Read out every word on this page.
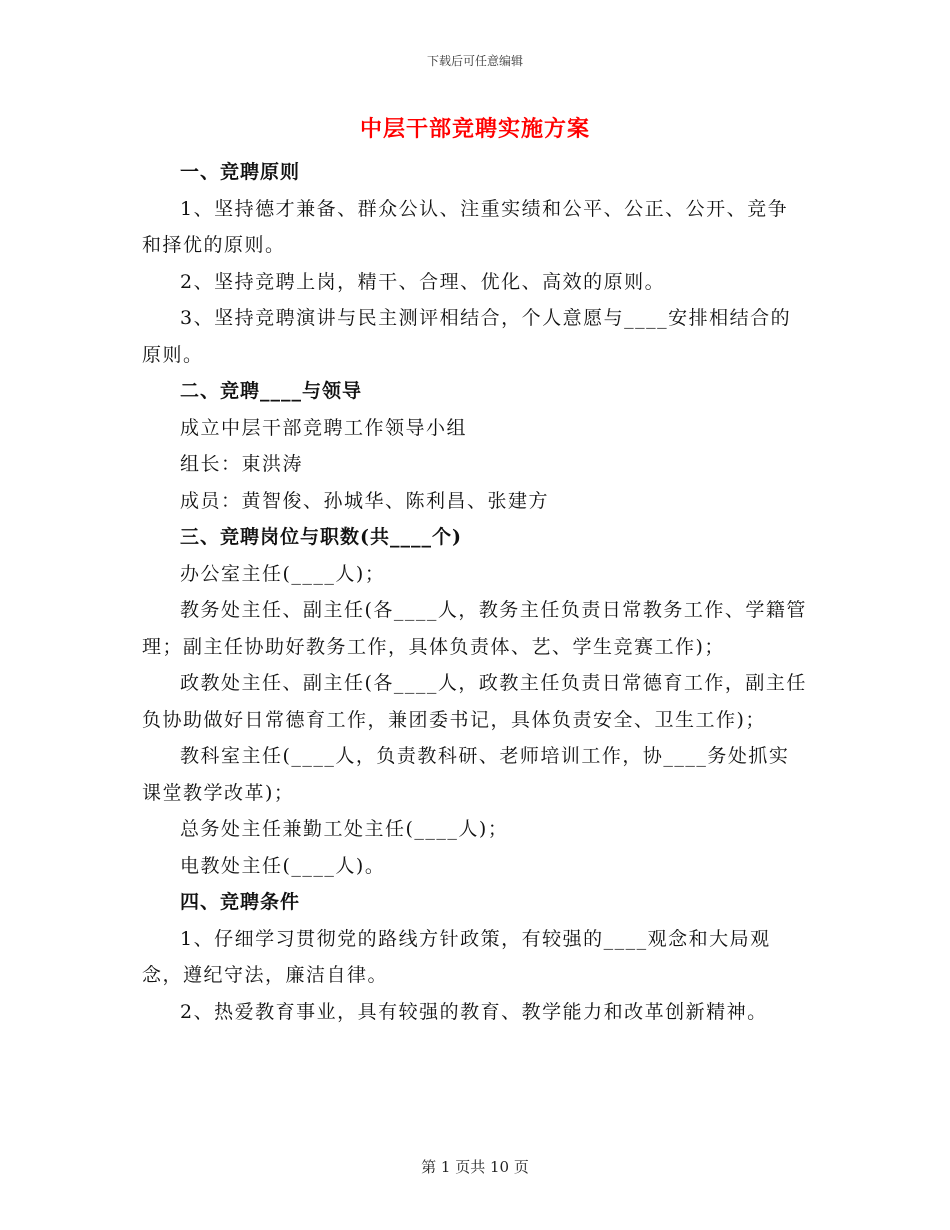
下载后可任意编辑
中层干部竞聘实施方案

一、竞聘原则

1、坚持德才兼备、群众公认、注重实绩和公平、公正、公开、竞争和择优的原则。

2、坚持竞聘上岗，精干、合理、优化、高效的原则。

3、坚持竞聘演讲与民主测评相结合，个人意愿与____安排相结合的原则。

二、竞聘____与领导

成立中层干部竞聘工作领导小组

组长：東洪涛

成员：黄智俊、孙城华、陈利昌、张建方

三、竞聘岗位与职数(共____个)

办公室主任(____人)；

教务处主任、副主任(各____人，教务主任负责日常教务工作、学籍管理；副主任协助好教务工作，具体负责体、艺、学生竞赛工作)；

政教处主任、副主任(各____人，政教主任负责日常德育工作，副主任负协助做好日常德育工作，兼团委书记，具体负责安全、卫生工作)；

教科室主任(____人，负责教科研、老师培训工作，协____务处抓实课堂教学改革)；

总务处主任兼勤工处主任(____人)；

电教处主任(____人)。

四、竞聘条件

1、仔细学习贯彻党的路线方针政策，有较强的____观念和大局观念，遵纪守法，廉洁自律。

2、热爱教育事业，具有较强的教育、教学能力和改革创新精神。

第 1 页共 10 页
